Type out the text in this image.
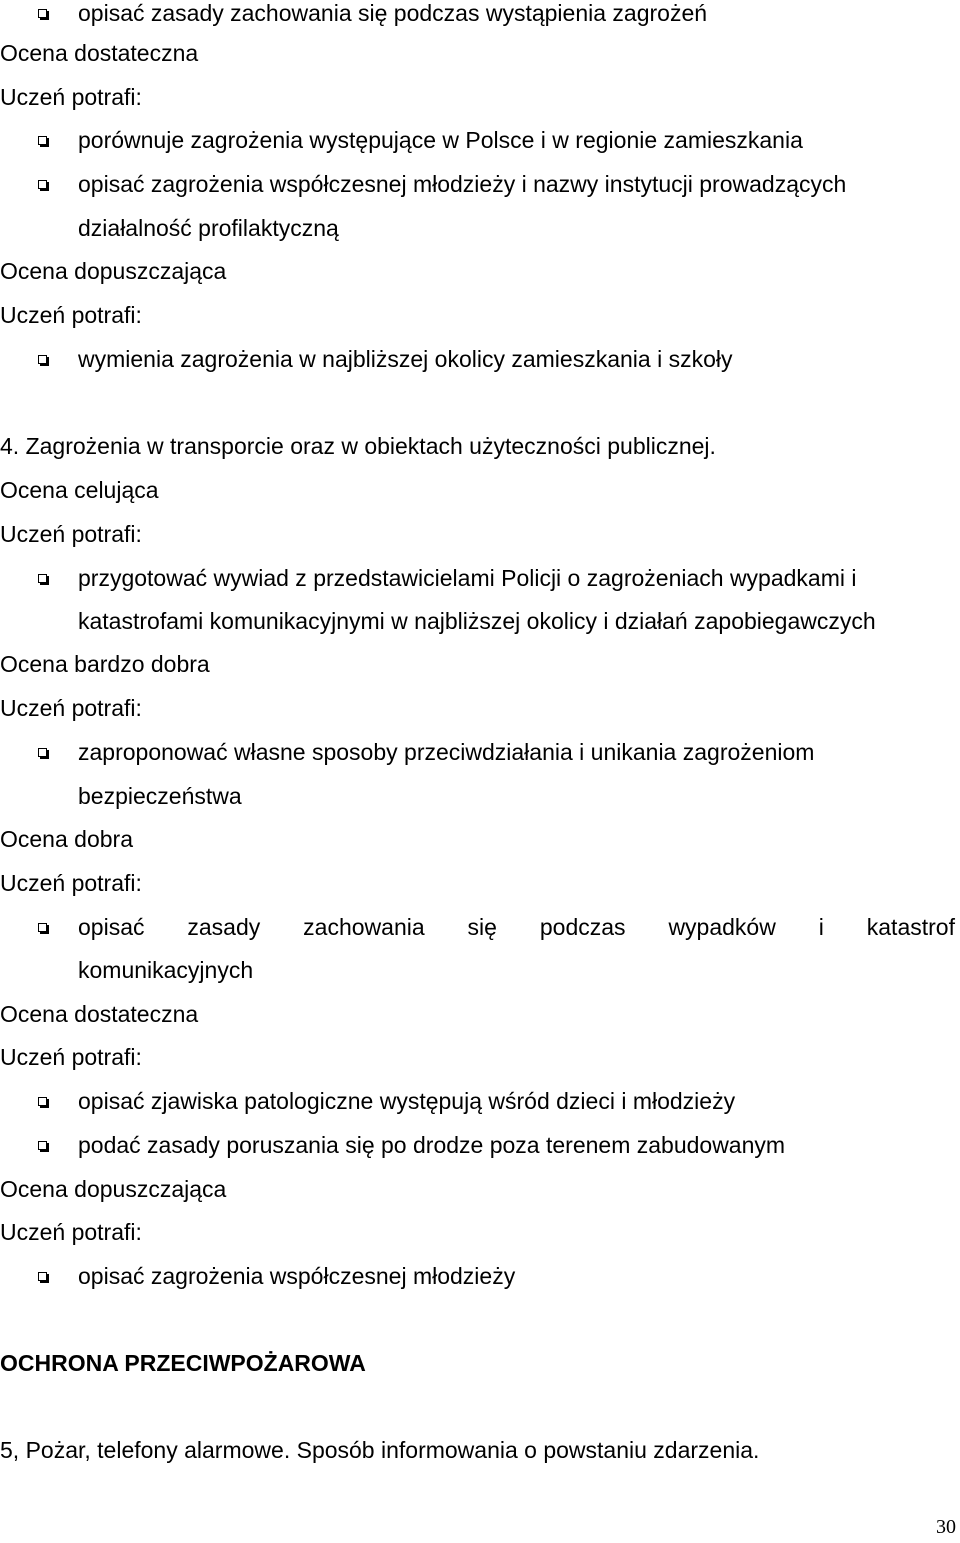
opisać zasady zachowania się podczas wystąpienia zagrożeń
Ocena dostateczna
Uczeń potrafi:
porównuje zagrożenia występujące w Polsce i w regionie zamieszkania
opisać zagrożenia współczesnej młodzieży i nazwy instytucji prowadzących
działalność profilaktyczną
Ocena dopuszczająca
Uczeń potrafi:
wymienia zagrożenia w najbliższej okolicy zamieszkania i szkoły
4. Zagrożenia w transporcie oraz w obiektach użyteczności publicznej.
Ocena celująca
Uczeń potrafi:
przygotować wywiad z przedstawicielami Policji o zagrożeniach wypadkami i
katastrofami komunikacyjnymi w najbliższej okolicy i działań zapobiegawczych
Ocena bardzo dobra
Uczeń potrafi:
zaproponować własne sposoby przeciwdziałania i unikania zagrożeniom
bezpieczeństwa
Ocena dobra
Uczeń potrafi:
opisać zasady zachowania się podczas wypadków i katastrof
komunikacyjnych
Ocena dostateczna
Uczeń potrafi:
opisać zjawiska patologiczne występują wśród dzieci i młodzieży
podać zasady poruszania się po drodze poza terenem zabudowanym
Ocena dopuszczająca
Uczeń potrafi:
opisać zagrożenia współczesnej młodzieży
OCHRONA PRZECIWPOŻAROWA
5, Pożar, telefony alarmowe. Sposób informowania o powstaniu zdarzenia.
30
